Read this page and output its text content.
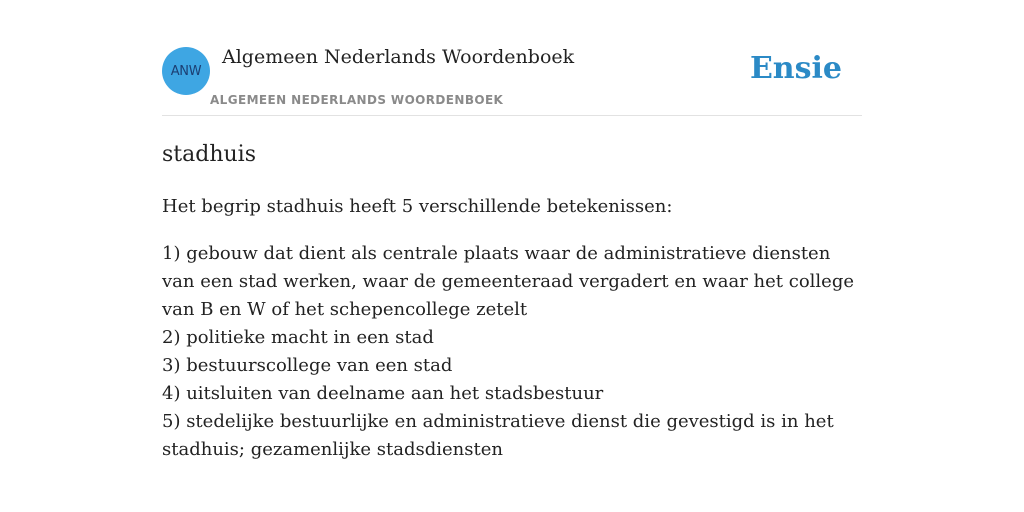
ANW
Algemeen Nederlands Woordenboek
ALGEMEEN NEDERLANDS WOORDENBOEK
Ensie
stadhuis

Het begrip stadhuis heeft 5 verschillende betekenissen:

1) gebouw dat dient als centrale plaats waar de administratieve diensten van een stad werken, waar de gemeenteraad vergadert en waar het college van B en W of het schepencollege zetelt
2) politieke macht in een stad
3) bestuurscollege van een stad
4) uitsluiten van deelname aan het stadsbestuur
5) stedelijke bestuurlijke en administratieve dienst die gevestigd is in het stadhuis; gezamenlijke stadsdiensten
